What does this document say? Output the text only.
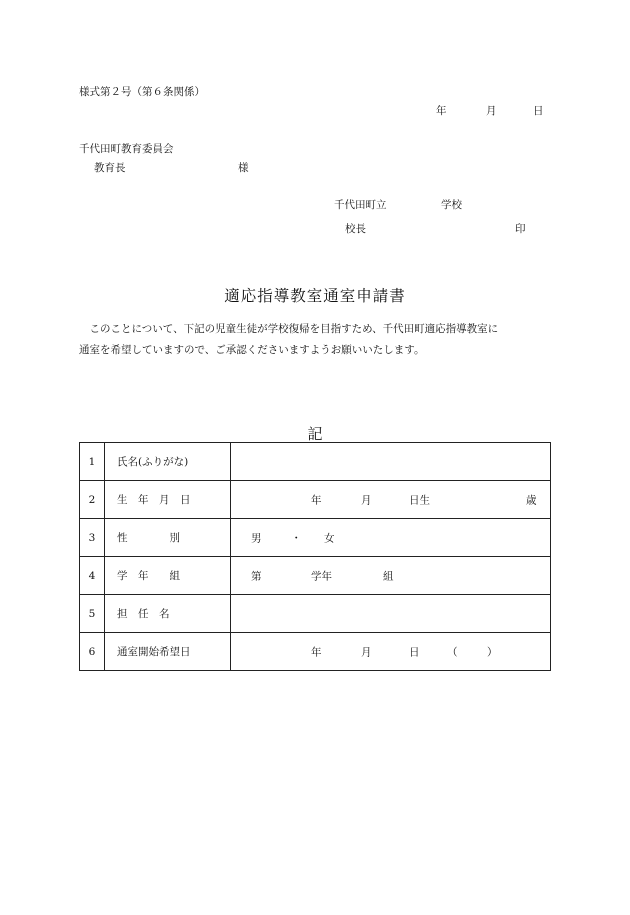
様式第２号（第６条関係）
年	月	日
千代田町教育委員会
教育長	様
千代田町立	学校
校長	印
適応指導教室通室申請書
　このことについて、下記の児童生徒が学校復帰を目指すため、千代田町適応指導教室に
通室を希望していますので、ご承認くださいますようお願いいたします。
記
1	氏名(ふりがな)	
2	生　年　月　日	年 月 日生 歳

3	性　　　　別	男 ・ 女

4	学　年　　組	第 学年 組

5	担　任　名	
6	通室開始希望日	年 月 日 （ ）
